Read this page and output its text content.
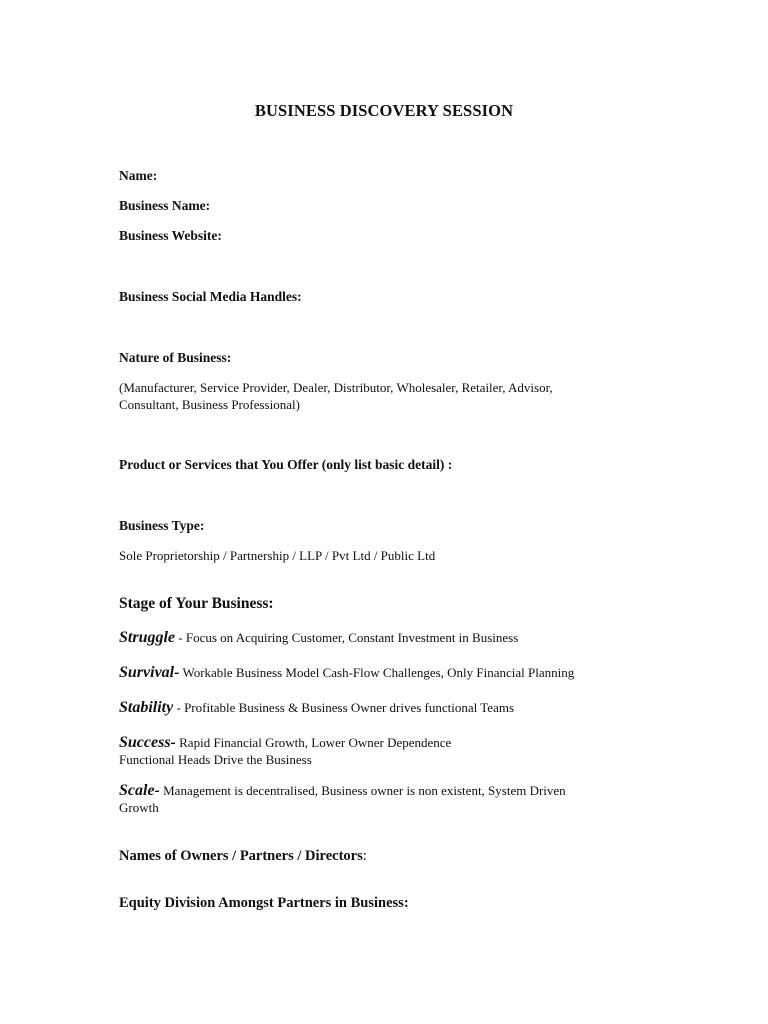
BUSINESS DISCOVERY SESSION
Name:
Business Name:
Business Website:
Business Social Media Handles:
Nature of Business:
(Manufacturer, Service Provider, Dealer, Distributor, Wholesaler, Retailer, Advisor,
Consultant, Business Professional)
Product or Services that You Offer (only list basic detail) :
Business Type:
Sole Proprietorship / Partnership / LLP / Pvt Ltd / Public Ltd
Stage of Your Business:
Struggle - Focus on Acquiring Customer, Constant Investment in Business
Survival- Workable Business Model Cash-Flow Challenges, Only Financial Planning
Stability - Profitable Business & Business Owner drives functional Teams
Success- Rapid Financial Growth, Lower Owner Dependence
Functional Heads Drive the Business
Scale- Management is decentralised, Business owner is non existent, System Driven
Growth
Names of Owners / Partners / Directors:
Equity Division Amongst Partners in Business:
